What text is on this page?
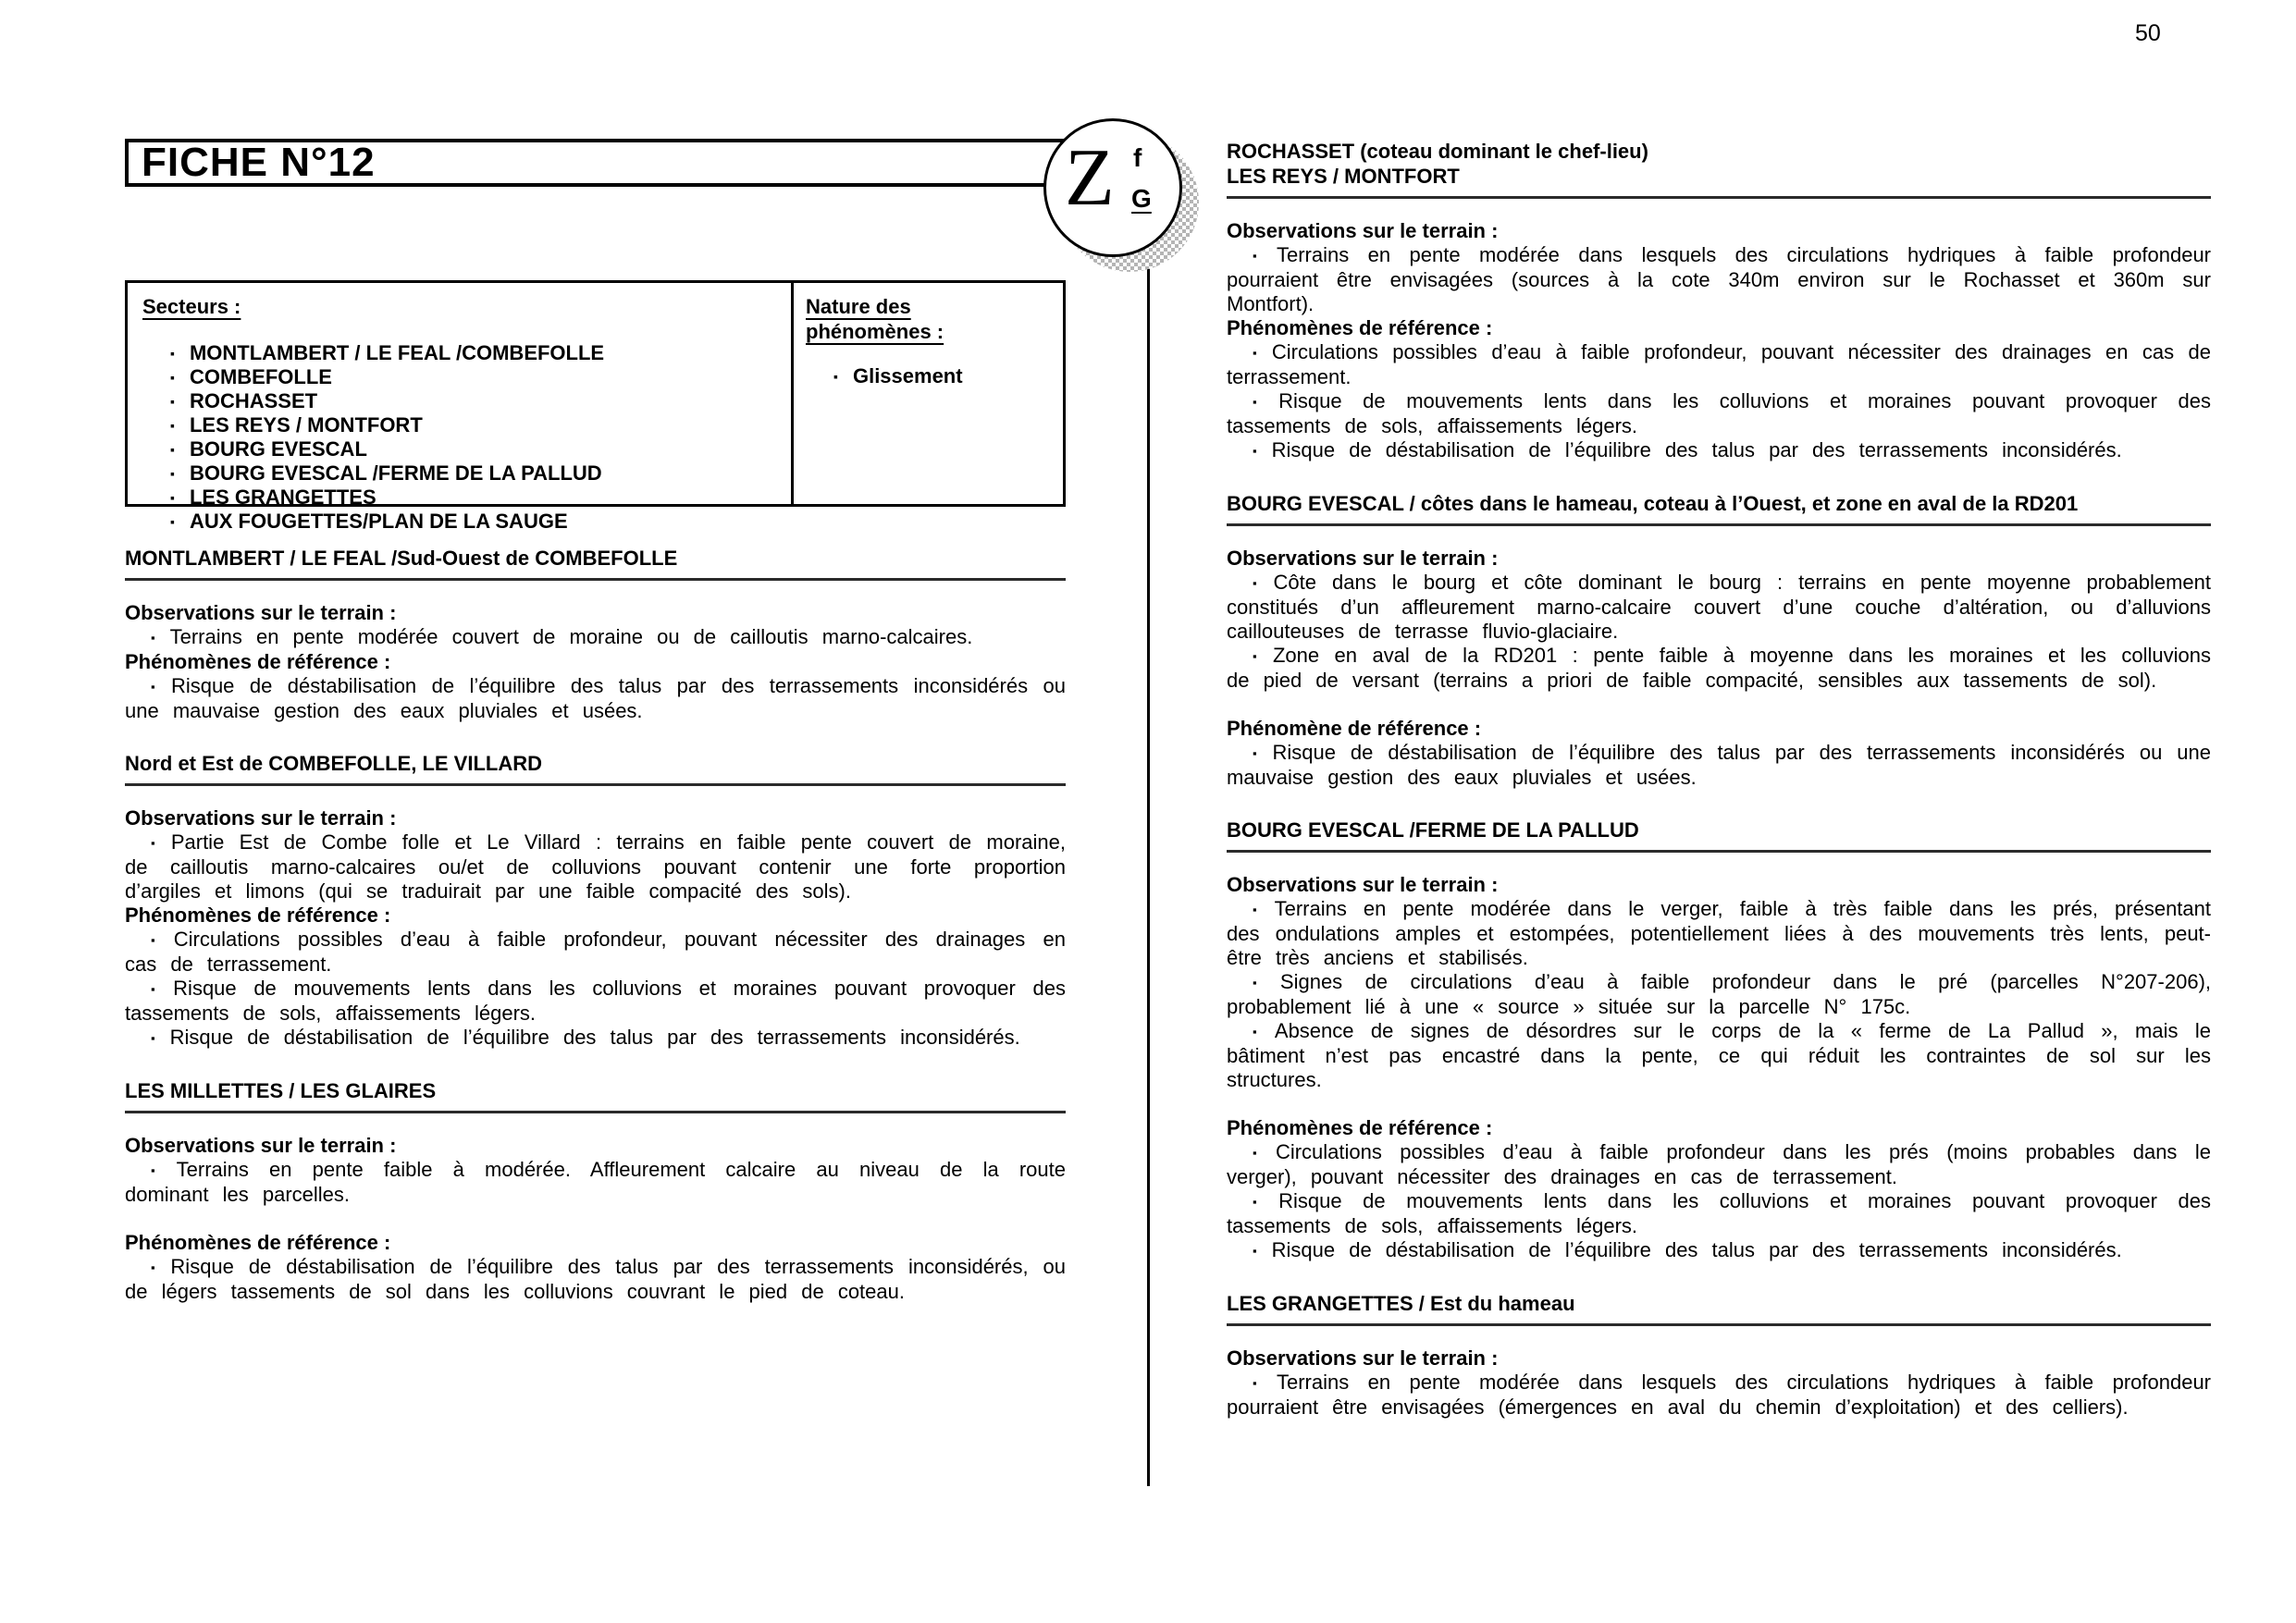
50
FICHE N°12	Z f
G
Secteurs :
▪ MONTLAMBERT / LE FEAL /COMBEFOLLE
▪ COMBEFOLLE
▪ ROCHASSET
▪ LES REYS / MONTFORT
▪ BOURG EVESCAL
▪ BOURG EVESCAL /FERME DE LA PALLUD
▪ LES GRANGETTES
▪ AUX FOUGETTES/PLAN DE LA SAUGE
Nature des phénomènes :
▪ Glissement
MONTLAMBERT / LE FEAL /Sud-Ouest de COMBEFOLLE

Observations sur le terrain :

▪ Terrains en pente modérée couvert de moraine ou de cailloutis marno-calcaires.

Phénomènes de référence :

▪ Risque de déstabilisation de l’équilibre des talus par des terrassements inconsidérés ou une mauvaise gestion des eaux pluviales et usées.

Nord et Est de COMBEFOLLE, LE VILLARD

Observations sur le terrain :

▪ Partie Est de Combe folle et Le Villard : terrains en faible pente couvert de moraine, de cailloutis marno-calcaires ou/et de colluvions pouvant contenir une forte proportion d’argiles et limons (qui se traduirait par une faible compacité des sols).

Phénomènes de référence :

▪ Circulations possibles d’eau à faible profondeur, pouvant nécessiter des drainages en cas de terrassement.

▪ Risque de mouvements lents dans les colluvions et moraines pouvant provoquer des tassements de sols, affaissements légers.

▪ Risque de déstabilisation de l’équilibre des talus par des terrassements inconsidérés.

LES MILLETTES / LES GLAIRES

Observations sur le terrain :

▪ Terrains en pente faible à modérée. Affleurement calcaire au niveau de la route dominant les parcelles.

Phénomènes de référence :

▪ Risque de déstabilisation de l’équilibre des talus par des terrassements inconsidérés, ou de légers tassements de sol dans les colluvions couvrant le pied de coteau.

ROCHASSET (coteau dominant le chef-lieu)
LES REYS / MONTFORT

Observations sur le terrain :

▪ Terrains en pente modérée dans lesquels des circulations hydriques à faible profondeur pourraient être envisagées (sources à la cote 340m environ sur le Rochasset et 360m sur Montfort).

Phénomènes de référence :

▪ Circulations possibles d’eau à faible profondeur, pouvant nécessiter des drainages en cas de terrassement.

▪ Risque de mouvements lents dans les colluvions et moraines pouvant provoquer des tassements de sols, affaissements légers.

▪ Risque de déstabilisation de l’équilibre des talus par des terrassements inconsidérés.

BOURG EVESCAL / côtes dans le hameau, coteau à l’Ouest, et zone en aval de la RD201

Observations sur le terrain :

▪ Côte dans le bourg et côte dominant le bourg : terrains en pente moyenne probablement constitués d’un affleurement marno-calcaire couvert d’une couche d’altération, ou d’alluvions caillouteuses de terrasse fluvio-glaciaire.

▪ Zone en aval de la RD201 : pente faible à moyenne dans les moraines et les colluvions de pied de versant (terrains a priori de faible compacité, sensibles aux tassements de sol).

Phénomène de référence :

▪ Risque de déstabilisation de l’équilibre des talus par des terrassements inconsidérés ou une mauvaise gestion des eaux pluviales et usées.

BOURG EVESCAL /FERME DE LA PALLUD

Observations sur le terrain :

▪ Terrains en pente modérée dans le verger, faible à très faible dans les prés, présentant des ondulations amples et estompées, potentiellement liées à des mouvements très lents, peut-être très anciens et stabilisés.

▪ Signes de circulations d’eau à faible profondeur dans le pré (parcelles N°207-206), probablement lié à une « source » située sur la parcelle N° 175c.

▪ Absence de signes de désordres sur le corps de la « ferme de La Pallud », mais le bâtiment n’est pas encastré dans la pente, ce qui réduit les contraintes de sol sur les structures.

Phénomènes de référence :

▪ Circulations possibles d’eau à faible profondeur dans les prés (moins probables dans le verger), pouvant nécessiter des drainages en cas de terrassement.

▪ Risque de mouvements lents dans les colluvions et moraines pouvant provoquer des tassements de sols, affaissements légers.

▪ Risque de déstabilisation de l’équilibre des talus par des terrassements inconsidérés.

LES GRANGETTES / Est du hameau

Observations sur le terrain :

▪ Terrains en pente modérée dans lesquels des circulations hydriques à faible profondeur pourraient être envisagées (émergences en aval du chemin d’exploitation) et des celliers).
